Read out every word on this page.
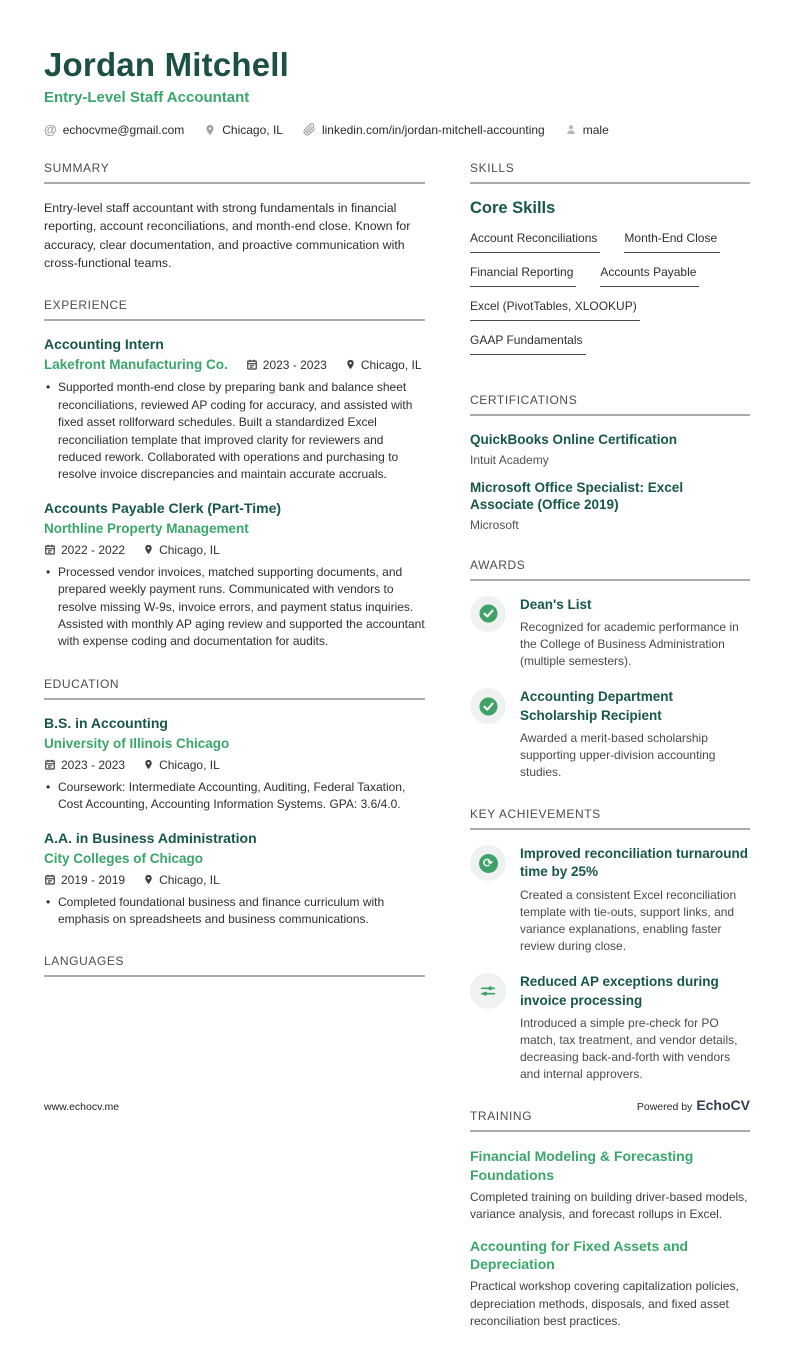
Jordan Mitchell
Entry-Level Staff Accountant
@ echocvme@gmail.com	Chicago, IL	linkedin.com/in/jordan-mitchell-accounting	male
SUMMARY

Entry-level staff accountant with strong fundamentals in financial reporting, account reconciliations, and month-end close. Known for accuracy, clear documentation, and proactive communication with cross-functional teams.

EXPERIENCE
Accounting Intern
Lakefront Manufacturing Co.	2023 - 2023	Chicago, IL
• Supported month-end close by preparing bank and balance sheet reconciliations, reviewed AP coding for accuracy, and assisted with fixed asset rollforward schedules. Built a standardized Excel reconciliation template that improved clarity for reviewers and reduced rework. Collaborated with operations and purchasing to resolve invoice discrepancies and maintain accurate accruals.
Accounts Payable Clerk (Part-Time)
Northline Property Management
2022 - 2022	Chicago, IL
• Processed vendor invoices, matched supporting documents, and prepared weekly payment runs. Communicated with vendors to resolve missing W-9s, invoice errors, and payment status inquiries. Assisted with monthly AP aging review and supported the accountant with expense coding and documentation for audits.
EDUCATION
B.S. in Accounting
University of Illinois Chicago
2023 - 2023	Chicago, IL
• Coursework: Intermediate Accounting, Auditing, Federal Taxation, Cost Accounting, Accounting Information Systems. GPA: 3.6/4.0.
A.A. in Business Administration
City Colleges of Chicago
2019 - 2019	Chicago, IL
• Completed foundational business and finance curriculum with emphasis on spreadsheets and business communications.
LANGUAGES
SKILLS
Core Skills
Account Reconciliations Month-End Close
Financial Reporting Accounts Payable
Excel (PivotTables, XLOOKUP)
GAAP Fundamentals
CERTIFICATIONS
QuickBooks Online Certification
Intuit Academy
Microsoft Office Specialist: Excel Associate (Office 2019)
Microsoft
AWARDS
Dean's List
Recognized for academic performance in the College of Business Administration (multiple semesters).
Accounting Department Scholarship Recipient
Awarded a merit-based scholarship supporting upper-division accounting studies.
KEY ACHIEVEMENTS
⟳
Improved reconciliation turnaround time by 25%
Created a consistent Excel reconciliation template with tie-outs, support links, and variance explanations, enabling faster review during close.
Reduced AP exceptions during invoice processing
Introduced a simple pre-check for PO match, tax treatment, and vendor details, decreasing back-and-forth with vendors and internal approvers.
TRAINING
Financial Modeling & Forecasting Foundations
Completed training on building driver-based models, variance analysis, and forecast rollups in Excel.
Accounting for Fixed Assets and Depreciation
Practical workshop covering capitalization policies, depreciation methods, disposals, and fixed asset reconciliation best practices.
www.echocv.me	Powered by EchoCV
